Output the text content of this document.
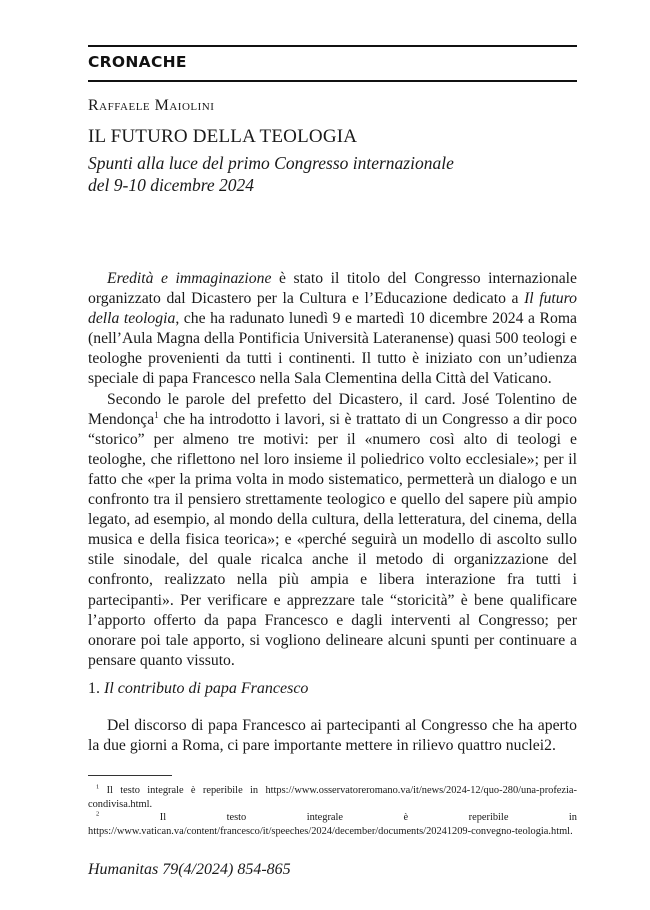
CRONACHE
Raffaele Maiolini
IL FUTURO DELLA TEOLOGIA
Spunti alla luce del primo Congresso internazionale
del 9-10 dicembre 2024

Eredità e immaginazione è stato il titolo del Congresso internazionale organizzato dal Dicastero per la Cultura e l’Educazione dedicato a Il futuro della teologia, che ha radunato lunedì 9 e martedì 10 dicembre 2024 a Roma (nell’Aula Magna della Pontificia Università Lateranense) quasi 500 teologi e teologhe provenienti da tutti i continenti. Il tutto è iniziato con un’udienza speciale di papa Francesco nella Sala Clementina della Città del Vaticano.

Secondo le parole del prefetto del Dicastero, il card. José Tolentino de Mendonça$^1$ che ha introdotto i lavori, si è trattato di un Congresso a dir poco “storico” per almeno tre motivi: per il «numero così alto di teologi e teologhe, che riflettono nel loro insieme il poliedrico volto ecclesiale»; per il fatto che «per la prima volta in modo sistematico, permetterà un dialogo e un confronto tra il pensiero strettamente teologico e quello del sapere più ampio legato, ad esempio, al mondo della cultura, della letteratura, del cinema, della musica e della fisica teorica»; e «perché seguirà un modello di ascolto sullo stile sinodale, del quale ricalca anche il metodo di organizzazione del confronto, realizzato nella più ampia e libera interazione fra tutti i partecipanti». Per verificare e apprezzare tale “storicità” è bene qualificare l’apporto offerto da papa Francesco e dagli interventi al Congresso; per onorare poi tale apporto, si vogliono delineare alcuni spunti per continuare a pensare quanto vissuto.

1. Il contributo di papa Francesco

Del discorso di papa Francesco ai partecipanti al Congresso che ha aperto la due giorni a Roma, ci pare importante mettere in rilievo quattro nuclei2.

$^1$ Il testo integrale è reperibile in https://www.osservatoreromano.va/it/news/2024-12/quo-280/una-profezia-condivisa.html.

$^2$	Il testo integrale è reperibile in https://www.vatican.va/content/francesco/it/speeches/2024/december/documents/20241209-convegno-teologia.html.

Humanitas 79(4/2024) 854-865
